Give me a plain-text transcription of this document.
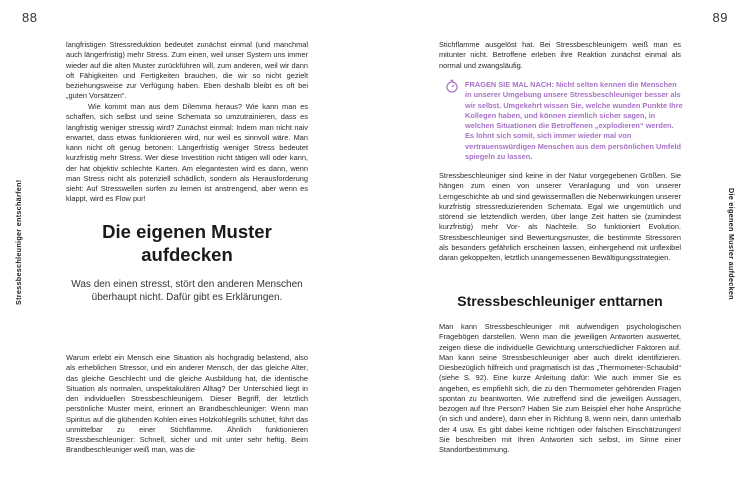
88	89
Stressbeschleuniger entschärfen!	Die eigenen Muster aufdecken

langfristigen Stressreduktion bedeutet zunächst einmal (und manchmal auch längerfristig) mehr Stress. Zum einen, weil unser System uns immer wieder auf die alten Muster zurückführen will, zum anderen, weil wir dann oft Fähigkeiten und Fertigkeiten brauchen, die wir so nicht gezielt beziehungsweise zur Verfügung haben. Eben deshalb bleibt es oft bei „guten Vorsätzen“.

Wie kommt man aus dem Dilemma heraus? Wie kann man es schaffen, sich selbst und seine Schemata so umzutrainieren, dass es langfristig weniger stressig wird? Zunächst einmal: Indem man nicht naiv erwartet, dass etwas funktionieren wird, nur weil es sinnvoll wäre. Man kann nicht oft genug betonen: Längerfristig weniger Stress bedeutet kurzfristig mehr Stress. Wer diese Investition nicht tätigen will oder kann, der hat objektiv schlechte Karten. Am elegantesten wird es dann, wenn man Stress nicht als potenziell schädlich, sondern als Herausforderung sieht: Auf Stresswellen surfen zu lernen ist anstrengend, aber wenn es klappt, wird es Flow pur!

Die eigenen Muster aufdecken

Was den einen stresst, stört den anderen Menschen überhaupt nicht. Dafür gibt es Erklärungen.

Warum erlebt ein Mensch eine Situation als hochgradig belastend, also als erheblichen Stressor, und ein anderer Mensch, der das gleiche Alter, das gleiche Geschlecht und die gleiche Ausbildung hat, die identische Situation als normalen, unspektakulären Alltag? Der Unterschied liegt in den individuellen Stressbeschleunigern. Dieser Begriff, der letztlich persönliche Muster meint, erinnert an Brandbeschleuniger: Wenn man Spiritus auf die glühenden Kohlen eines Holzkohlegrills schüttet, führt das unmittelbar zu einer Stichflamme. Ähnlich funktionieren Stressbeschleuniger: Schnell, sicher und mit unter sehr heftig. Beim Brandbeschleuniger weiß man, was die

Stichflamme ausgelöst hat. Bei Stressbeschleunigern weiß man es mitunter nicht. Betroffene erleben ihre Reaktion zunächst einmal als normal und zwangsläufig.

FRAGEN SIE MAL NACH: Nicht selten kennen die Menschen in unserer Umgebung unsere Stressbeschleuniger besser als wir selbst. Umgekehrt wissen Sie, welche wunden Punkte Ihre Kollegen haben, und können ziemlich sicher sagen, in welchen Situationen die Betroffenen „explodieren“ werden. Es lohnt sich somit, sich immer wieder mal von vertrauenswürdigen Menschen aus dem persönlichen Umfeld spiegeln zu lassen.

Stressbeschleuniger sind keine in der Natur vorgegebenen Größen. Sie hängen zum einen von unserer Veranlagung und von unserer Lerngeschichte ab und sind gewissermaßen die Nebenwirkungen unserer kurzfristig stressreduzierenden Schemata. Egal wie ungemütlich und störend sie letztendlich werden, über lange Zeit hatten sie (zumindest kurzfristig) mehr Vor- als Nachteile. So funktioniert Evolution. Stressbeschleuniger sind Bewertungsmuster, die bestimmte Stressoren als besonders gefährlich erscheinen lassen, einhergehend mit unflexibel daran gekoppelten, letztlich unangemessenen Bewältigungsstrategien.

Stressbeschleuniger enttarnen

Man kann Stressbeschleuniger mit aufwendigen psychologischen Fragebögen darstellen. Wenn man die jeweiligen Antworten auswertet, zeigen diese die individuelle Gewichtung unterschiedlicher Faktoren auf. Man kann seine Stressbeschleuniger aber auch direkt identifizieren. Diesbezüglich hilfreich und pragmatisch ist das „Thermometer-Schaubild“ (siehe S. 92). Eine kurze Anleitung dafür: Wie auch immer Sie es angehen, es empfiehlt sich, die zu den Thermometer gehörenden Fragen spontan zu beantworten. Wie zutreffend sind die jeweiligen Aussagen, bezogen auf Ihre Person? Haben Sie zum Beispiel eher hohe Ansprüche (in sich und andere), dann eher in Richtung 8, wenn nein, dann unterhalb der 4 usw. Es gibt dabei keine richtigen oder falschen Einschätzungen! Sie beschreiben mit Ihren Antworten sich selbst, im Sinne einer Standortbestimmung.
